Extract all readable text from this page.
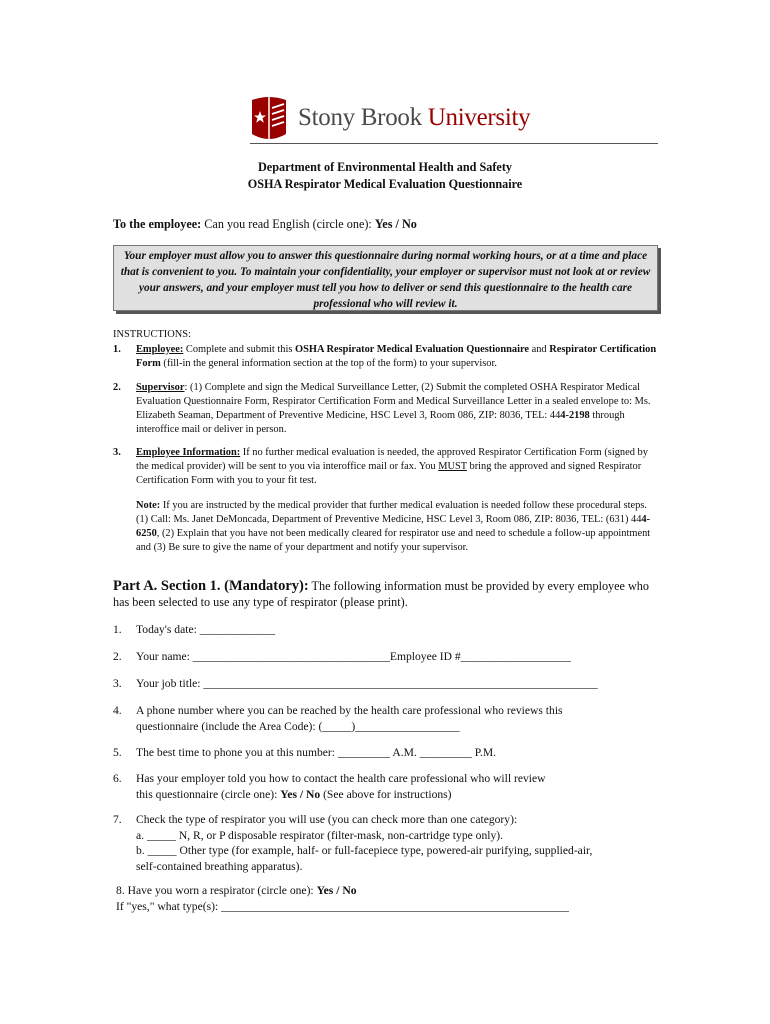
Stony Brook University
Department of Environmental Health and Safety
OSHA Respirator Medical Evaluation Questionnaire
To the employee: Can you read English (circle one): Yes / No
Your employer must allow you to answer this questionnaire during normal working hours, or at a time and place that is convenient to you. To maintain your confidentiality, your employer or supervisor must not look at or review your answers, and your employer must tell you how to deliver or send this questionnaire to the health care professional who will review it.
INSTRUCTIONS:
1. Employee: Complete and submit this OSHA Respirator Medical Evaluation Questionnaire and Respirator Certification Form (fill-in the general information section at the top of the form) to your supervisor.
2. Supervisor: (1) Complete and sign the Medical Surveillance Letter, (2) Submit the completed OSHA Respirator Medical Evaluation Questionnaire Form, Respirator Certification Form and Medical Surveillance Letter in a sealed envelope to: Ms. Elizabeth Seaman, Department of Preventive Medicine, HSC Level 3, Room 086, ZIP: 8036, TEL: 444-2198 through interoffice mail or deliver in person.
3. Employee Information: If no further medical evaluation is needed, the approved Respirator Certification Form (signed by the medical provider) will be sent to you via interoffice mail or fax. You MUST bring the approved and signed Respirator Certification Form with you to your fit test.
Note: If you are instructed by the medical provider that further medical evaluation is needed follow these procedural steps. (1) Call: Ms. Janet DeMoncada, Department of Preventive Medicine, HSC Level 3, Room 086, ZIP: 8036, TEL: (631) 444-6250, (2) Explain that you have not been medically cleared for respirator use and need to schedule a follow-up appointment and (3) Be sure to give the name of your department and notify your supervisor.
Part A. Section 1. (Mandatory): The following information must be provided by every employee who has been selected to use any type of respirator (please print).
1. Today's date: _____________
2. Your name: __________________________________Employee ID #___________________
3. Your job title: ____________________________________________________________________
4. A phone number where you can be reached by the health care professional who reviews this
questionnaire (include the Area Code): (_____)__________________
5. The best time to phone you at this number: _________ A.M. _________ P.M.
6. Has your employer told you how to contact the health care professional who will review
this questionnaire (circle one): Yes / No (See above for instructions)
7. Check the type of respirator you will use (you can check more than one category):
a. _____ N, R, or P disposable respirator (filter-mask, non-cartridge type only).
b. _____ Other type (for example, half- or full-facepiece type, powered-air purifying, supplied-air,
self-contained breathing apparatus).
8. Have you worn a respirator (circle one): Yes / No
If "yes," what type(s): ____________________________________________________________
